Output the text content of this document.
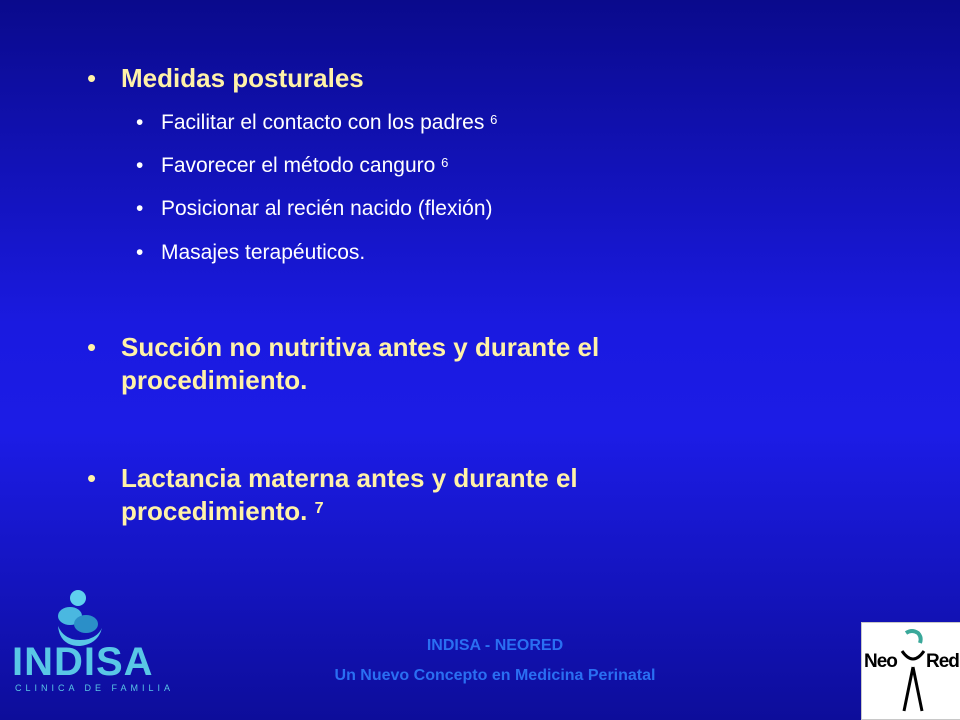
• Medidas posturales
• Facilitar el contacto con los padres $^6$
• Favorecer el método canguro $^6$
• Posicionar al recién nacido (flexión)
• Masajes terapéuticos.
• Succión no nutritiva antes y durante el
procedimiento.
• Lactancia materna antes y durante el
procedimiento. $^7$
INDISA - NEORED
Un Nuevo Concepto en Medicina Perinatal
INDISA
CLINICA DE FAMILIA
Neo Red
